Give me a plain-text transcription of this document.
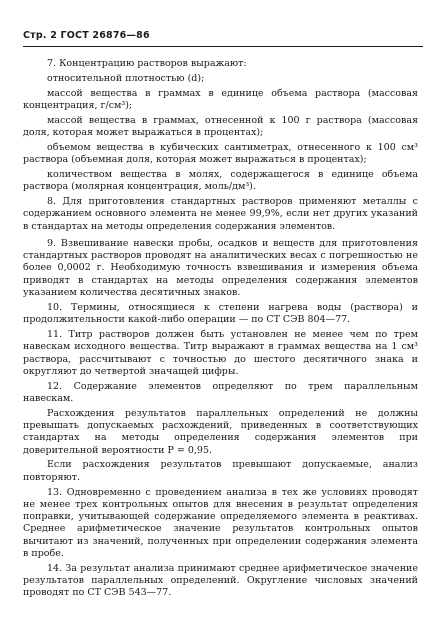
Стр. 2 ГОСТ 26876—86

7. Концентрацию растворов выражают:

относительной плотностью (d);

массой вещества в граммах в единице объема раствора (массовая концентрация, г/см³);

массой вещества в граммах, отнесенной к 100 г раствора (массовая доля, которая может выражаться в процентах);

объемом вещества в кубических сантиметрах, отнесенного к 100 см³ раствора (объемная доля, которая может выражаться в процентах);

количеством вещества в молях, содержащегося в единице объема раствора (молярная концентрация, моль/дм³).

8. Для приготовления стандартных растворов применяют металлы с содержанием основного элемента не менее 99,9%, если нет других указаний в стандартах на методы определения содержания элементов.

9. Взвешивание навески пробы, осадков и веществ для приготовления стандартных растворов проводят на аналитических весах с погрешностью не более 0,0002 г. Необходимую точность взвешивания и измерения объема приводят в стандартах на методы определения содержания элементов указанием количества десятичных знаков.

10. Термины, относящиеся к степени нагрева воды (раствора) и продолжительности какой-либо операции — по СТ СЭВ 804—77.

11. Титр растворов должен быть установлен не менее чем по трем навескам исходного вещества. Титр выражают в граммах вещества на 1 см³ раствора, рассчитывают с точностью до шестого десятичного знака и округляют до четвертой значащей цифры.

12. Содержание элементов определяют по трем параллельным навескам.

Расхождения результатов параллельных определений не должны превышать допускаемых расхождений, приведенных в соответствующих стандартах на методы определения содержания элементов при доверительной вероятности P = 0,95.

Если расхождения результатов превышают допускаемые, анализ повторяют.

13. Одновременно с проведением анализа в тех же условиях проводят не менее трех контрольных опытов для внесения в результат определения поправки, учитывающей содержание определяемого элемента в реактивах. Среднее арифметическое значение результатов контрольных опытов вычитают из значений, полученных при определении содержания элемента в пробе.

14. За результат анализа принимают среднее арифметическое значение результатов параллельных определений. Округление числовых значений проводят по СТ СЭВ 543—77.
